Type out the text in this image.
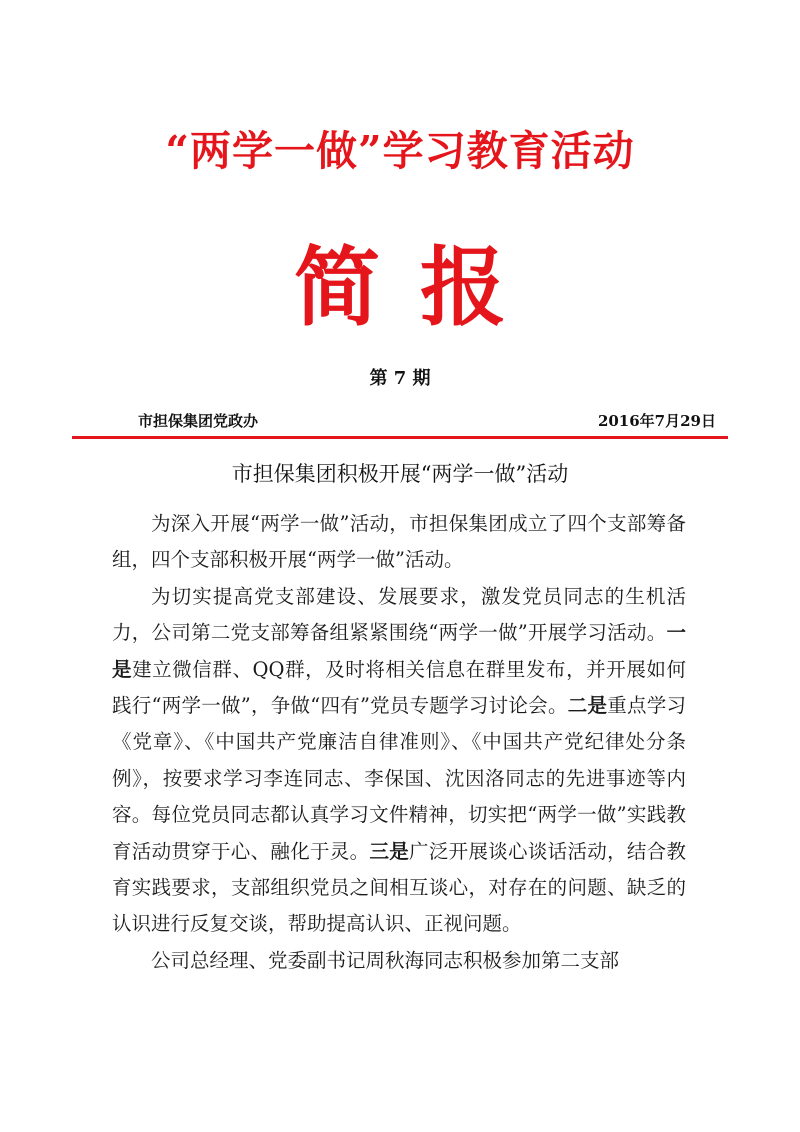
“两学一做”学习教育活动
简报
第 7 期
市担保集团党政办	2016年7月29日
市担保集团积极开展“两学一做”活动

为深入开展“两学一做”活动，市担保集团成立了四个支部筹备组，四个支部积极开展“两学一做”活动。

为切实提高党支部建设、发展要求，激发党员同志的生机活力，公司第二党支部筹备组紧紧围绕“两学一做”开展学习活动。一是建立微信群、QQ群，及时将相关信息在群里发布，并开展如何践行“两学一做”，争做“四有”党员专题学习讨论会。二是重点学习《党章》、《中国共产党廉洁自律准则》、《中国共产党纪律处分条例》，按要求学习李连同志、李保国、沈因洛同志的先进事迹等内容。每位党员同志都认真学习文件精神，切实把“两学一做”实践教育活动贯穿于心、融化于灵。三是广泛开展谈心谈话活动，结合教育实践要求，支部组织党员之间相互谈心，对存在的问题、缺乏的认识进行反复交谈，帮助提高认识、正视问题。

公司总经理、党委副书记周秋海同志积极参加第二支部
